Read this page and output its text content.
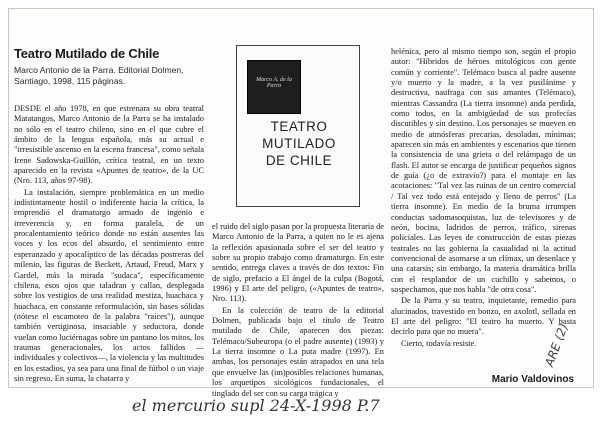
Teatro Mutilado de Chile

Marco Antonio de la Parra. Editorial Dolmen, Santiago, 1998, 115 páginas.

DESDE el año 1978, en que estrenara su obra teatral Matatangos, Marco Antonio de la Parra se ha instalado no sólo en el teatro chileno, sino en el que cubre el ámbito de la lengua española, más su actual e "irresistible ascenso en la escena francesa", como señala Irene Sadowska-Guillón, crítica teatral, en un texto aparecido en la revista «Apuntes de teatro», de la UC (Nro. 113, años 97-98).

La instalación, siempre problemática en un medio indistintamente hostil o indiferente hacia la crítica, la emprendió el dramaturgo armado de ingenio e irreverencia y, en forma paralela, de un procalentamiento teórico donde no están ausentes las voces y los ecos del absurdo, el sentimiento entre esperanzado y apocalíptico de las décadas postreras del milenio, las figuras de Beckett, Artaud, Freud, Marx y Gardel, más la mirada "sudaca", específicamente chilena, esos ojos que taladran y callan, desplegada sobre los vestigios de una realidad mestiza, huachaca y huachaca, en constante reformulación, sin bases sólidas (nótese el escamoteo de la palabra "raíces"), aunque también vertiginosa, insaciable y seductora, donde vuelan como luciérnagas sobre un pantano los mitos, los traumas generacionales, los actos fallidos —individuales y colectivos—, la violencia y las multitudes en los estadios, ya sea para una final de fútbol o un viaje sin regreso. En suma, la chatarra y

Marco A. de la Parra
TEATRO
MUTILADO
DE CHILE

el ruido del siglo pasan por la propuesta literaria de Marco Antonio de la Parra, a quien no le es ajena la reflexión apasionada sobre el ser del teatro y sobre su propio trabajo como dramaturgo. En este sentido, entrega claves a través de dos textos: Fin de siglo, prefacio a El ángel de la culpa (Bogotá, 1996) y El arte del peligro, («Apuntes de teatro», Nro. 113).

En la colección de teatro de la editorial Dolmen, publicada bajo el título de Teatro mutilado de Chile, aparecen dos piezas: Telémaco/Subeuropa (o el padre ausente) (1993) y La tierra insomne o La puta madre (1997). En ambas, los personajes están atrapados en una tela que envuelve las (im)posibles relaciones humanas, los arquetipos sicológicos fundacionales, el tinglado del ser con su carga trágica y

helénica, pero al mismo tiempo son, según el propio autor: "Híbridos de héroes mitológicos con gente común y corriente". Telémaco busca al padre ausente y/o muerto y la madre, a la vez pusilánime y destructiva, naufraga con sus amantes (Telémaco), mientras Cassandra (La tierra insomne) anda perdida, como todos, en la ambigüedad de sus profecías discutibles y sin destino. Los personajes se mueven en medio de atmósferas precarias, desoladas, mínimas; aparecen sin más en ambientes y escenarios que tienen la consistencia de una grieta o del relámpago de un flash. El autor se encarga de justificar pequeños signos de guía (¿o de extravío?) para el montaje en las acotaciones: "Tal vez las ruinas de un centro comercial / Tal vez todo está entejado y lleno de perros" (La tierra insomne). En medio de la bruma irrumpen conductas sadomasoquistas, luz de televisores y de neón, bocina, ladridos de perros, tráfico, sirenas policiales. Las leyes de construcción de estas piezas teatrales no las gobierna la casualidad ni la actitud convencional de asomarse a un clímax, un desenlace y una catarsis; sin embargo, la materia dramática brilla con el resplandor de un cuchillo y sabemos, o sospechamos, que nos habla "de otra cosa".

De la Parra y su teatro, inquietante, remedio para alucinados, travestido en bonzo, en axolotl, sellada en El arte del peligro: "El teatro ha muerto. Y basta decirlo para que no muera".

Cierto, todavía resiste.

Mario Valdovinos

el mercurio supl 24-X-1998 P.7
ARE (2)
